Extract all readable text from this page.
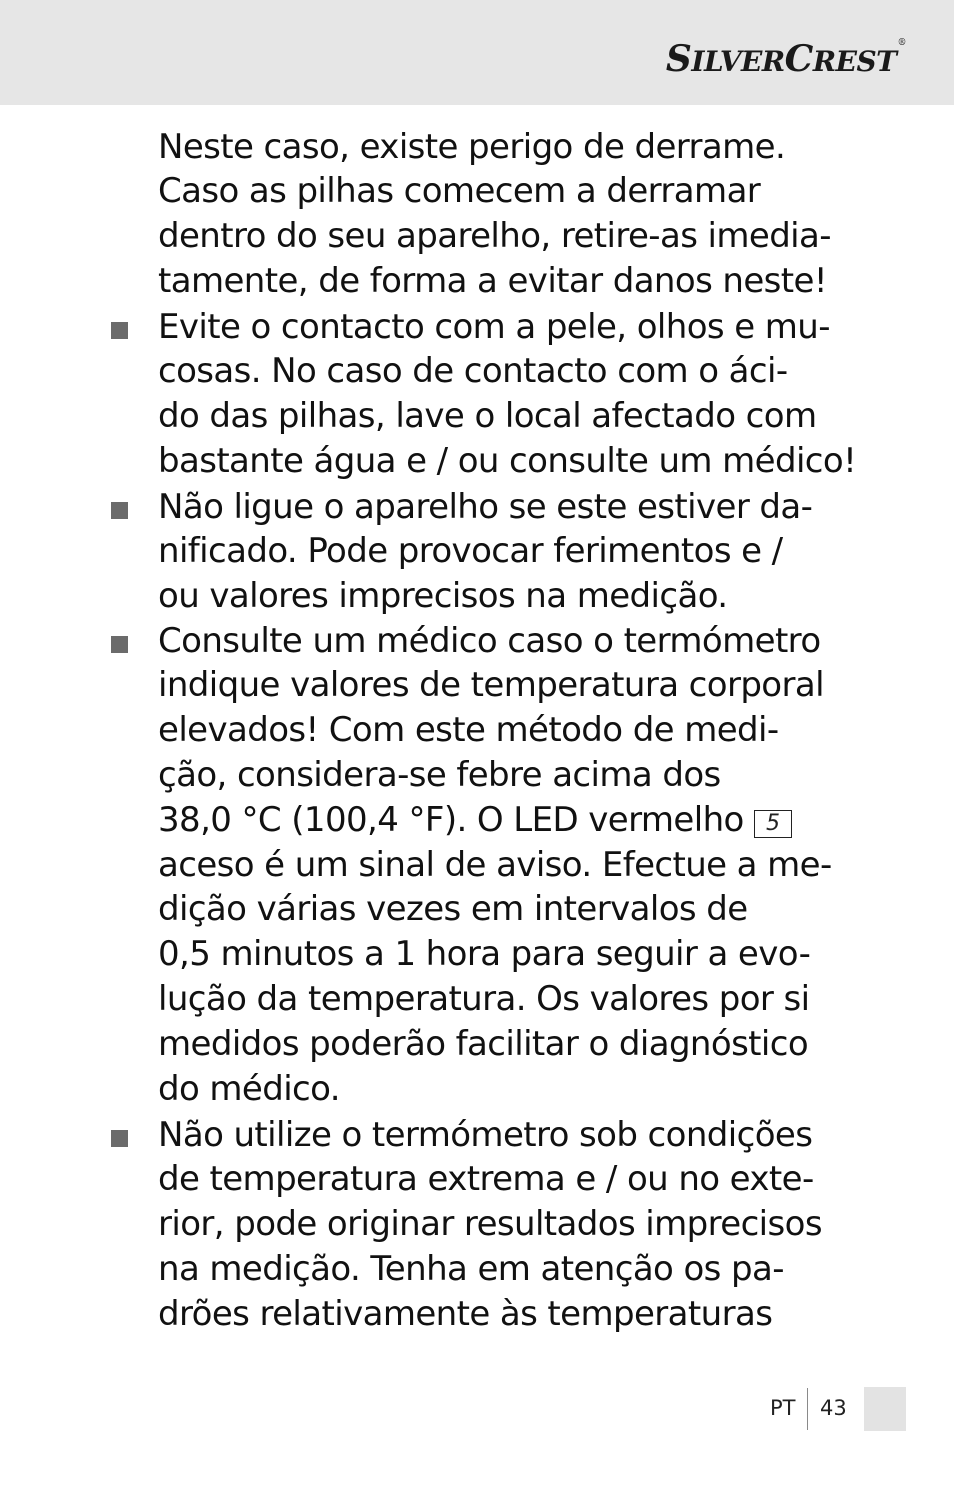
SILVERCREST®
Neste caso, existe perigo de derrame.
Caso as pilhas comecem a derramar
dentro do seu aparelho, retire-as imedia-
tamente, de forma a evitar danos neste!
Evite o contacto com a pele, olhos e mu-
cosas. No caso de contacto com o áci-
do das pilhas, lave o local afectado com
bastante água e / ou consulte um médico!
Não ligue o aparelho se este estiver da-
nificado. Pode provocar ferimentos e /
ou valores imprecisos na medição.
Consulte um médico caso o termómetro
indique valores de temperatura corporal
elevados! Com este método de medi-
ção, considera-se febre acima dos
38,0 °C (100,4 °F). O LED vermelho 5
aceso é um sinal de aviso. Efectue a me-
dição várias vezes em intervalos de
0,5 minutos a 1 hora para seguir a evo-
lução da temperatura. Os valores por si
medidos poderão facilitar o diagnóstico
do médico.
Não utilize o termómetro sob condições
de temperatura extrema e / ou no exte-
rior, pode originar resultados imprecisos
na medição. Tenha em atenção os pa-
drões relativamente às temperaturas
PT 43
